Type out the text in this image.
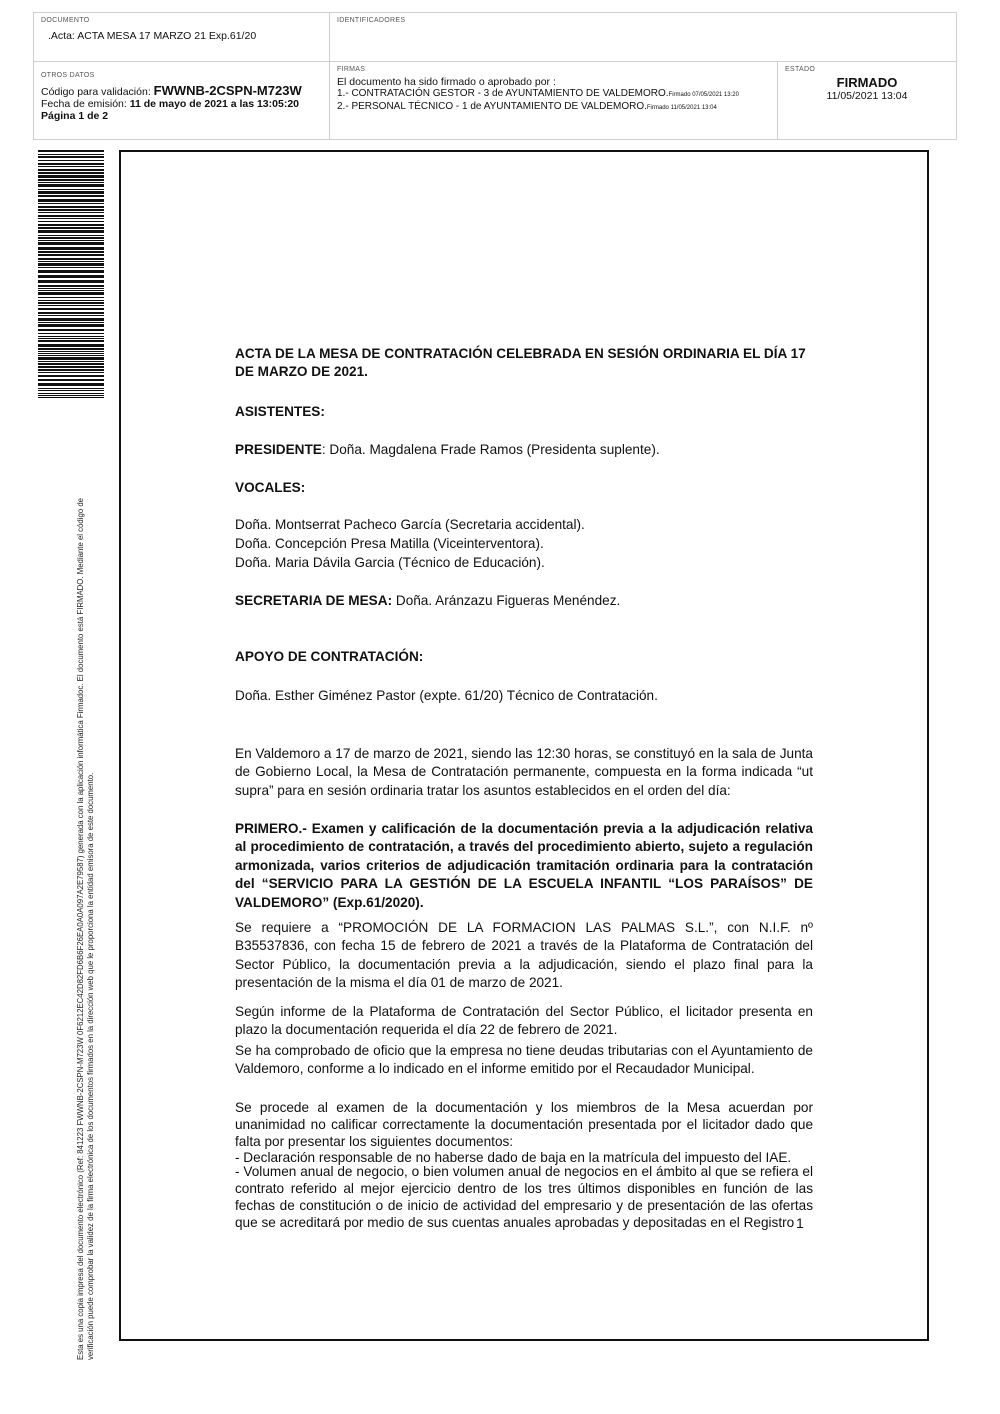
DOCUMENTO
.Acta: ACTA MESA 17 MARZO 21 Exp.61/20
IDENTIFICADORES
OTROS DATOS
Código para validación: FWWNB-2CSPN-M723W
Fecha de emisión: 11 de mayo de 2021 a las 13:05:20
Página 1 de 2
FIRMAS
El documento ha sido firmado o aprobado por :
1.- CONTRATACIÓN GESTOR - 3 de AYUNTAMIENTO DE VALDEMORO.Firmado 07/05/2021 13:20
2.- PERSONAL TÉCNICO - 1 de AYUNTAMIENTO DE VALDEMORO.Firmado 11/05/2021 13:04
ESTADO
FIRMADO
11/05/2021 13:04
Esta es una copia impresa del documento electrónico (Ref: 841223 FWWNB-2CSPN-M723W 0F6212EC42D82FD6B6F26EA0A0A097A2E79587) generada con la aplicación informática Firmadoc. El documento está FIRMADO. Mediante el código de verificación puede comprobar la validez de la firma electrónica de los documentos firmados en la dirección web que le proporciona la entidad emisora de este documento.

ACTA DE LA MESA DE CONTRATACIÓN CELEBRADA EN SESIÓN ORDINARIA EL DÍA 17 DE MARZO DE 2021.

ASISTENTES:

PRESIDENTE: Doña. Magdalena Frade Ramos (Presidenta suplente).

VOCALES:

Doña. Montserrat Pacheco García (Secretaria accidental).

Doña. Concepción Presa Matilla (Viceinterventora).

Doña. Maria Dávila Garcia (Técnico de Educación).

SECRETARIA DE MESA: Doña. Aránzazu Figueras Menéndez.

APOYO DE CONTRATACIÓN:

Doña. Esther Giménez Pastor (expte. 61/20) Técnico de Contratación.

En Valdemoro a 17 de marzo de 2021, siendo las 12:30 horas, se constituyó en la sala de Junta de Gobierno Local, la Mesa de Contratación permanente, compuesta en la forma indicada “ut supra” para en sesión ordinaria tratar los asuntos establecidos en el orden del día:

PRIMERO.- Examen y calificación de la documentación previa a la adjudicación relativa al procedimiento de contratación, a través del procedimiento abierto, sujeto a regulación armonizada, varios criterios de adjudicación tramitación ordinaria para la contratación del “SERVICIO PARA LA GESTIÓN DE LA ESCUELA INFANTIL “LOS PARAÍSOS” DE VALDEMORO” (Exp.61/2020).

Se requiere a “PROMOCIÓN DE LA FORMACION LAS PALMAS S.L.”, con N.I.F. nº B35537836, con fecha 15 de febrero de 2021 a través de la Plataforma de Contratación del Sector Público, la documentación previa a la adjudicación, siendo el plazo final para la presentación de la misma el día 01 de marzo de 2021.

Según informe de la Plataforma de Contratación del Sector Público, el licitador presenta en plazo la documentación requerida el día 22 de febrero de 2021.

Se ha comprobado de oficio que la empresa no tiene deudas tributarias con el Ayuntamiento de Valdemoro, conforme a lo indicado en el informe emitido por el Recaudador Municipal.

Se procede al examen de la documentación y los miembros de la Mesa acuerdan por unanimidad no calificar correctamente la documentación presentada por el licitador dado que falta por presentar los siguientes documentos:

- Declaración responsable de no haberse dado de baja en la matrícula del impuesto del IAE.

- Volumen anual de negocio, o bien volumen anual de negocios en el ámbito al que se refiera el contrato referido al mejor ejercicio dentro de los tres últimos disponibles en función de las fechas de constitución o de inicio de actividad del empresario y de presentación de las ofertas que se acreditará por medio de sus cuentas anuales aprobadas y depositadas en el Registro 1
